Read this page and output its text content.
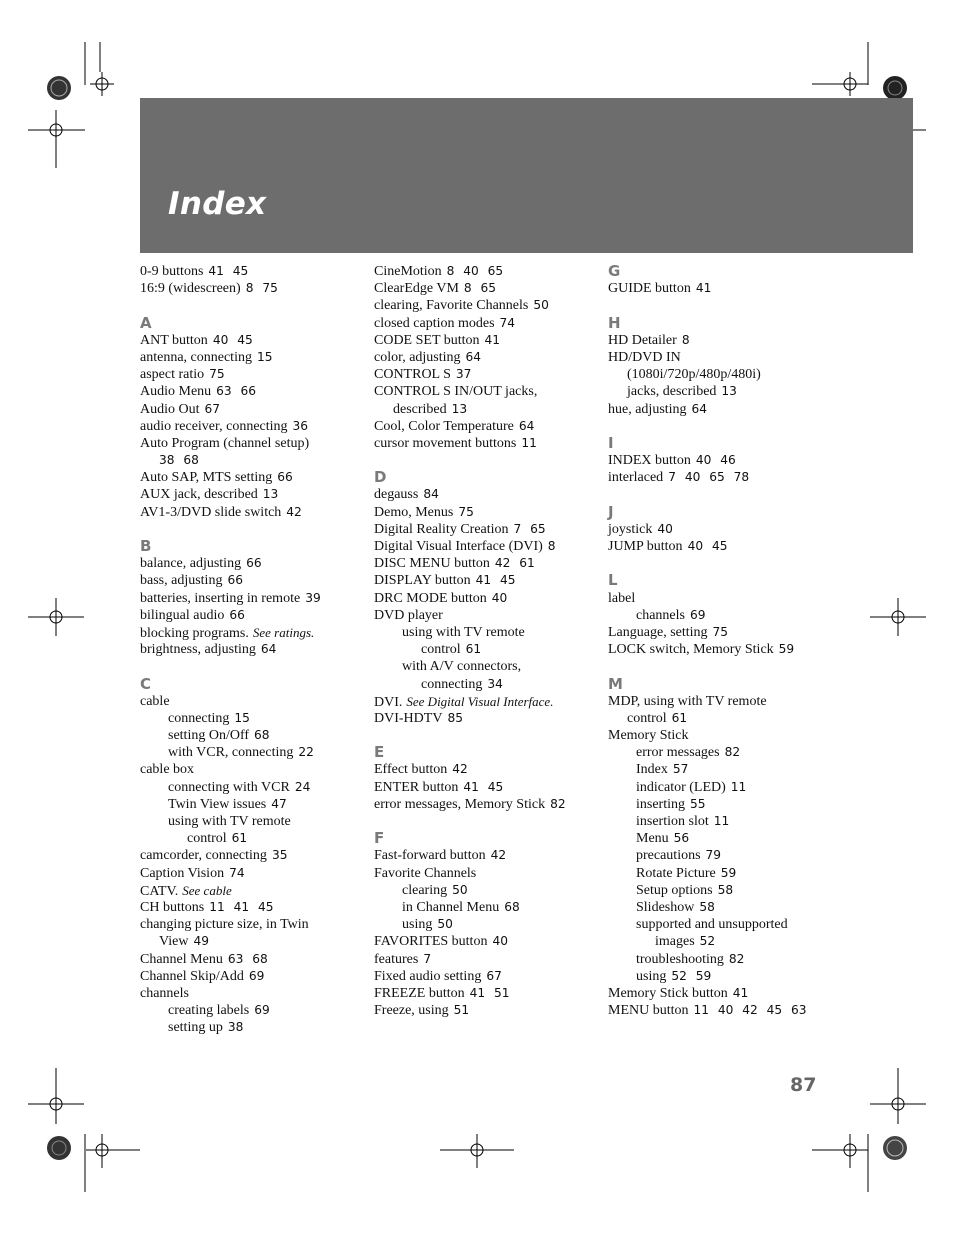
Index
0-9 buttons 41 45
16:9 (widescreen) 8 75
A
ANT button 40 45
antenna, connecting 15
aspect ratio 75
Audio Menu 63 66
Audio Out 67
audio receiver, connecting 36
Auto Program (channel setup)
38 68
Auto SAP, MTS setting 66
AUX jack, described 13
AV1-3/DVD slide switch 42
B
balance, adjusting 66
bass, adjusting 66
batteries, inserting in remote 39
bilingual audio 66
blocking programs. See ratings.
brightness, adjusting 64
C
cable
connecting 15
setting On/Off 68
with VCR, connecting 22
cable box
connecting with VCR 24
Twin View issues 47
using with TV remote
control 61
camcorder, connecting 35
Caption Vision 74
CATV. See cable
CH buttons 11 41 45
changing picture size, in Twin
View 49
Channel Menu 63 68
Channel Skip/Add 69
channels
creating labels 69
setting up 38
CineMotion 8 40 65
ClearEdge VM 8 65
clearing, Favorite Channels 50
closed caption modes 74
CODE SET button 41
color, adjusting 64
CONTROL S 37
CONTROL S IN/OUT jacks,
described 13
Cool, Color Temperature 64
cursor movement buttons 11
D
degauss 84
Demo, Menus 75
Digital Reality Creation 7 65
Digital Visual Interface (DVI) 8
DISC MENU button 42 61
DISPLAY button 41 45
DRC MODE button 40
DVD player
using with TV remote
control 61
with A/V connectors,
connecting 34
DVI. See Digital Visual Interface.
DVI-HDTV 85
E
Effect button 42
ENTER button 41 45
error messages, Memory Stick 82
F
Fast-forward button 42
Favorite Channels
clearing 50
in Channel Menu 68
using 50
FAVORITES button 40
features 7
Fixed audio setting 67
FREEZE button 41 51
Freeze, using 51
G
GUIDE button 41
H
HD Detailer 8
HD/DVD IN
(1080i/720p/480p/480i)
jacks, described 13
hue, adjusting 64
I
INDEX button 40 46
interlaced 7 40 65 78
J
joystick 40
JUMP button 40 45
L
label
channels 69
Language, setting 75
LOCK switch, Memory Stick 59
M
MDP, using with TV remote
control 61
Memory Stick
error messages 82
Index 57
indicator (LED) 11
inserting 55
insertion slot 11
Menu 56
precautions 79
Rotate Picture 59
Setup options 58
Slideshow 58
supported and unsupported
images 52
troubleshooting 82
using 52 59
Memory Stick button 41
MENU button 11 40 42 45 63
87
